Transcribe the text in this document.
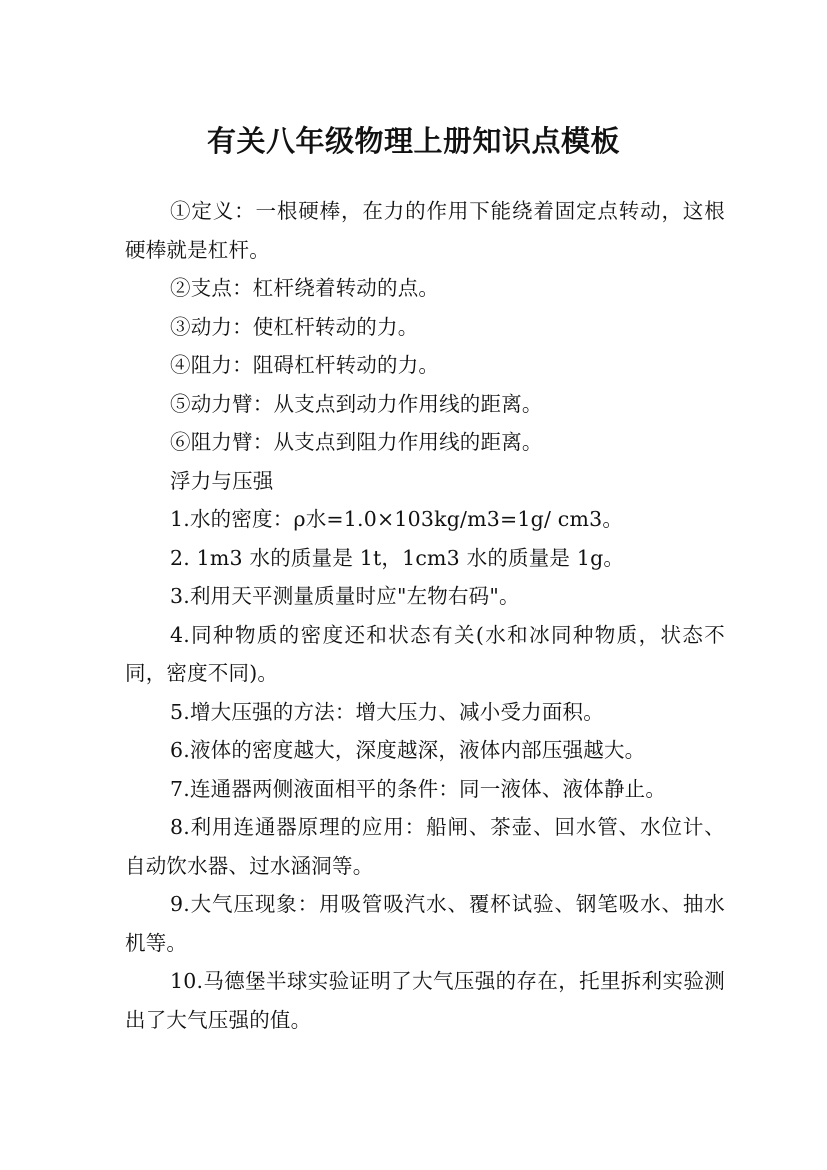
有关八年级物理上册知识点模板

①定义：一根硬棒，在力的作用下能绕着固定点转动，这根硬棒就是杠杆。

②支点：杠杆绕着转动的点。

③动力：使杠杆转动的力。

④阻力：阻碍杠杆转动的力。

⑤动力臂：从支点到动力作用线的距离。

⑥阻力臂：从支点到阻力作用线的距离。

浮力与压强

1.水的密度：ρ水=1.0×103kg/m3=1g/ cm3。

2. 1m3 水的质量是 1t，1cm3 水的质量是 1g。

3.利用天平测量质量时应"左物右码"。

4.同种物质的密度还和状态有关(水和冰同种物质，状态不同，密度不同)。

5.增大压强的方法：增大压力、减小受力面积。

6.液体的密度越大，深度越深，液体内部压强越大。

7.连通器两侧液面相平的条件：同一液体、液体静止。

8.利用连通器原理的应用：船闸、茶壶、回水管、水位计、自动饮水器、过水涵洞等。

9.大气压现象：用吸管吸汽水、覆杯试验、钢笔吸水、抽水机等。

10.马德堡半球实验证明了大气压强的存在，托里拆利实验测出了大气压强的值。
